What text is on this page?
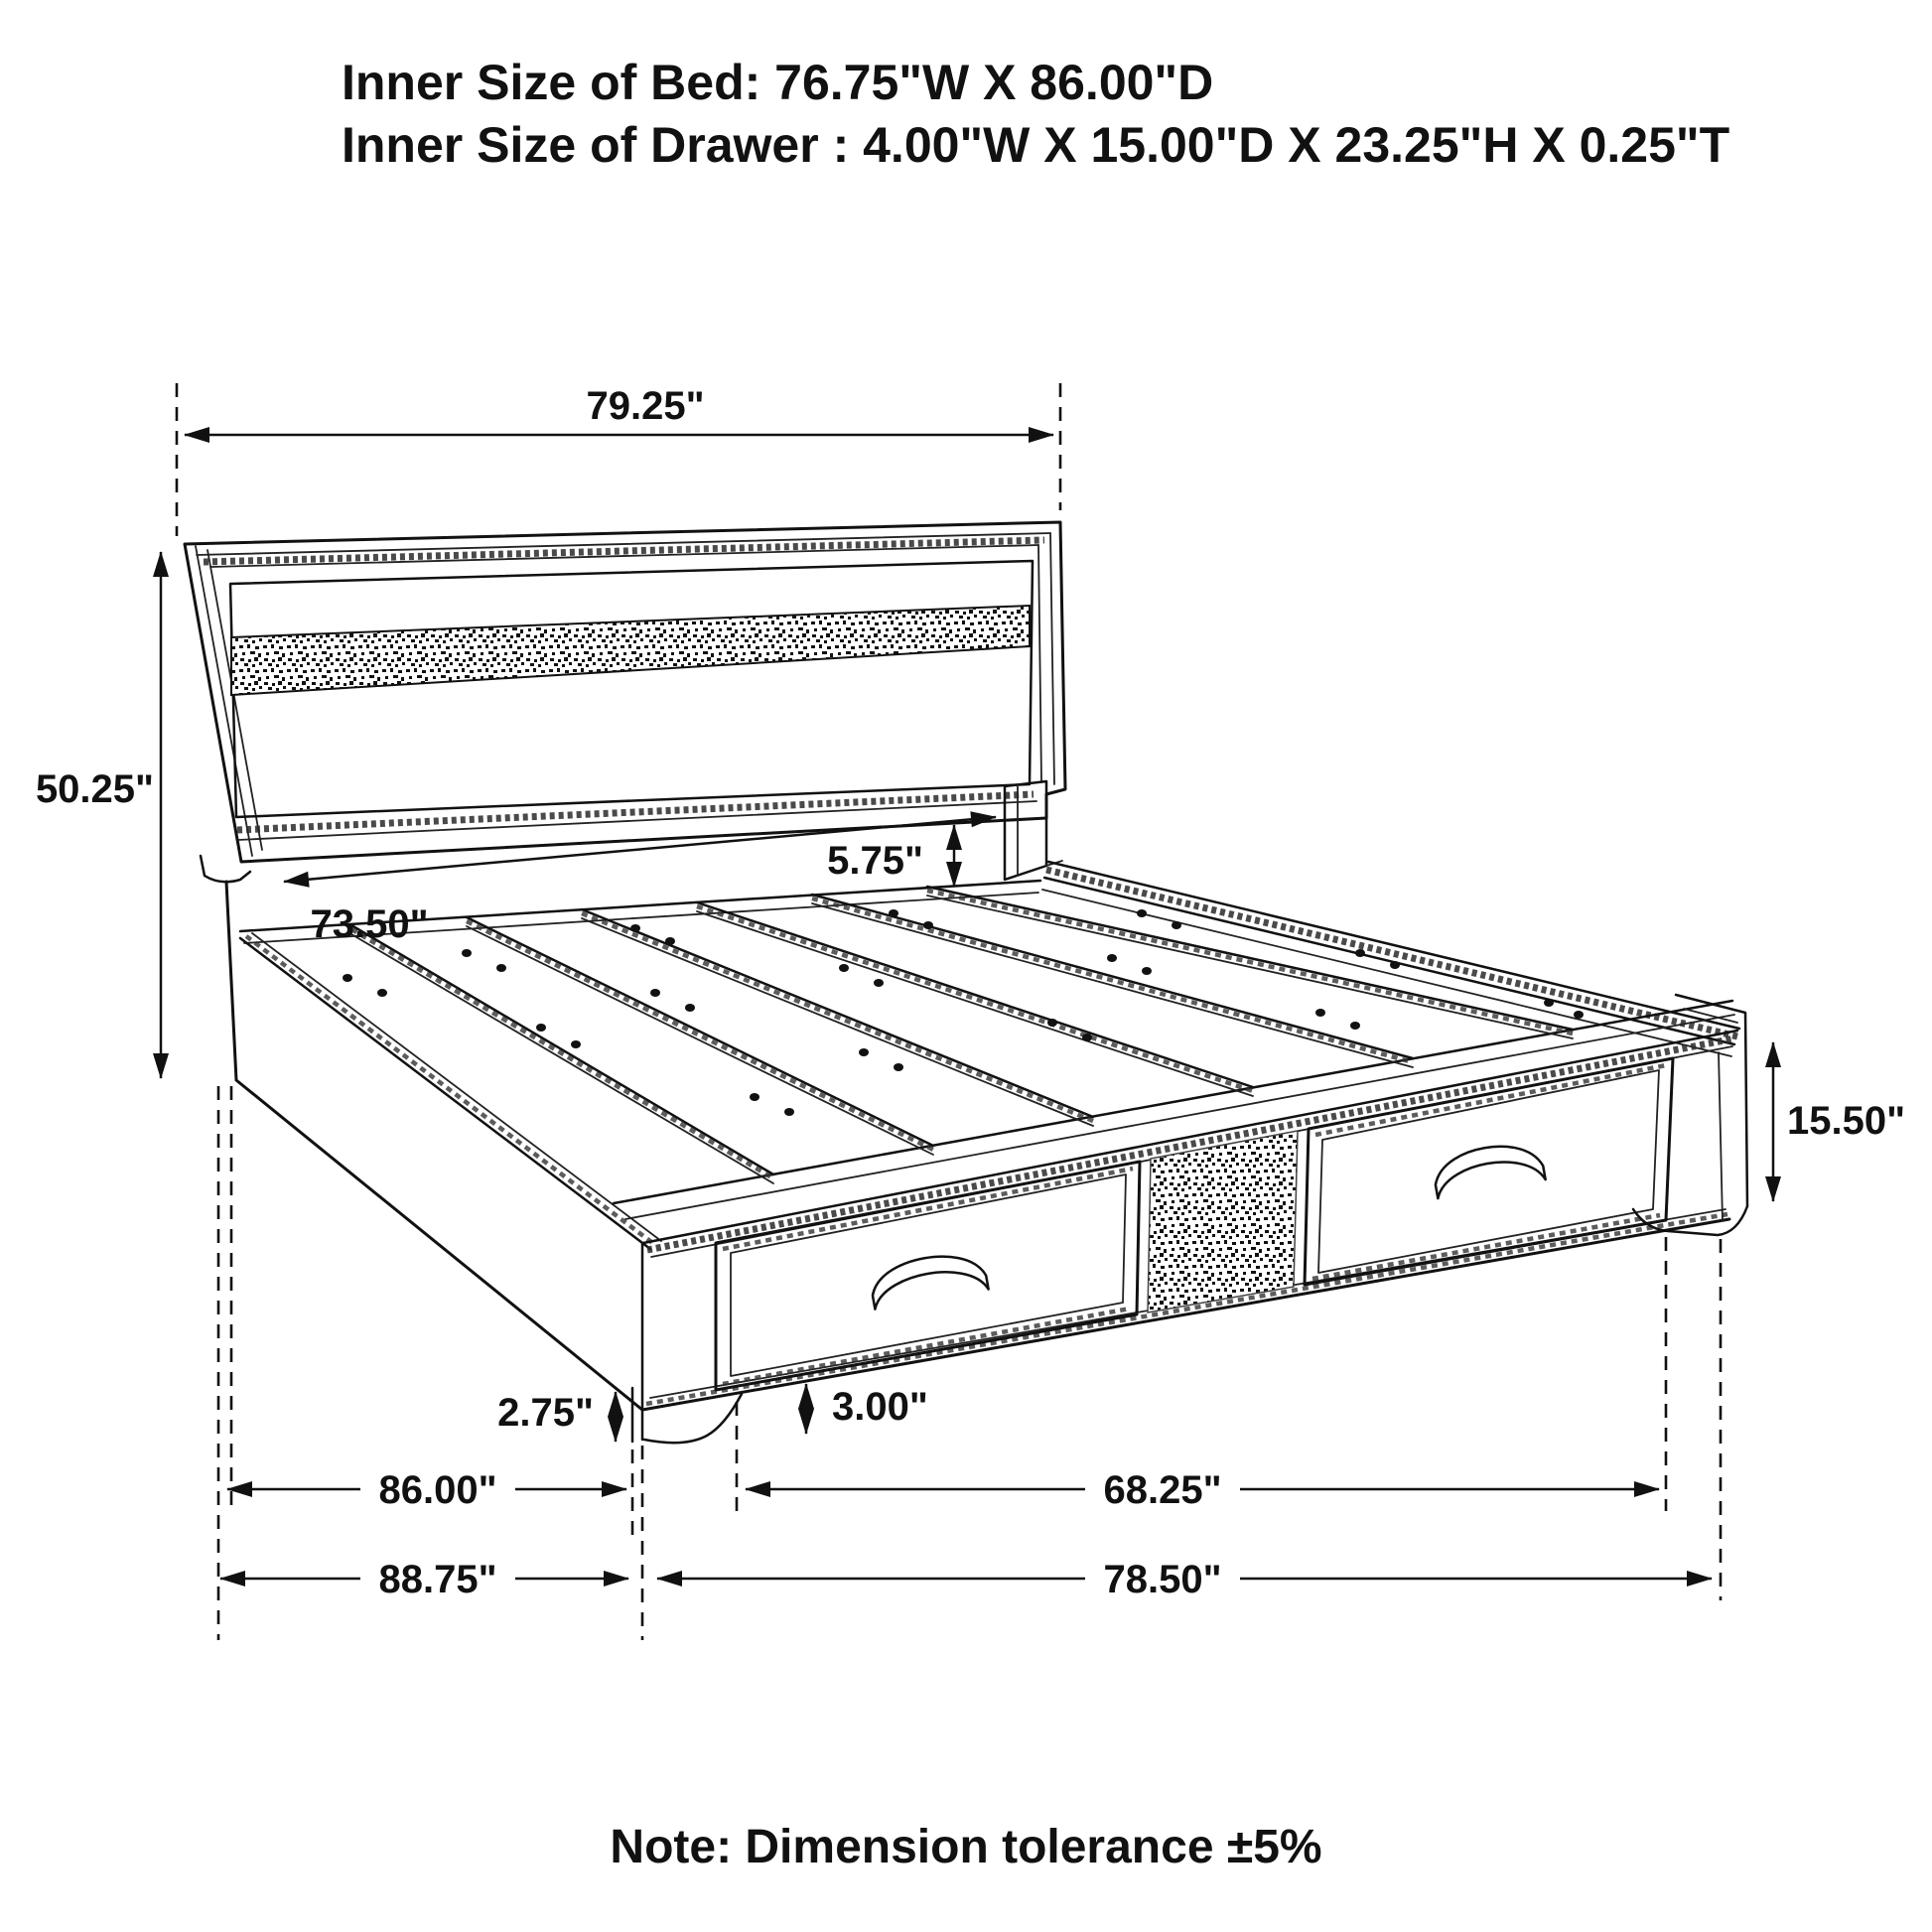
Inner Size of Bed: 76.75"W X 86.00"D
Inner Size of Drawer : 4.00"W X 15.00"D X 23.25"H X 0.25"T
79.25"
50.25"
73.50"
5.75"
15.50"
2.75"	3.00"
86.00"	68.25"
88.75"	78.50"
Note: Dimension tolerance ±5%
